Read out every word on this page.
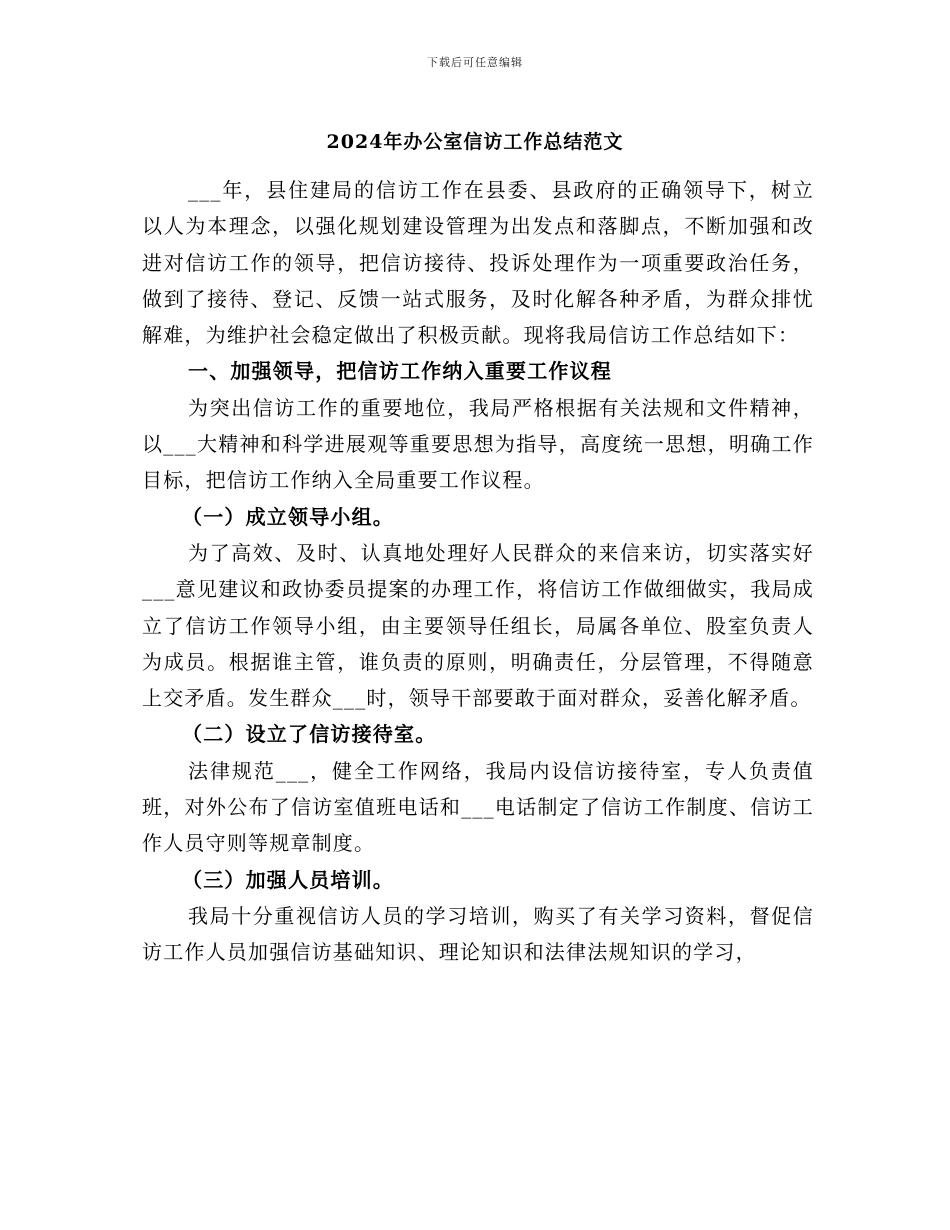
下载后可任意编辑
2024年办公室信访工作总结范文

___年，县住建局的信访工作在县委、县政府的正确领导下，树立以人为本理念，以强化规划建设管理为出发点和落脚点，不断加强和改进对信访工作的领导，把信访接待、投诉处理作为一项重要政治任务，做到了接待、登记、反馈一站式服务，及时化解各种矛盾，为群众排忧解难，为维护社会稳定做出了积极贡献。现将我局信访工作总结如下：

一、加强领导，把信访工作纳入重要工作议程

为突出信访工作的重要地位，我局严格根据有关法规和文件精神，以___大精神和科学进展观等重要思想为指导，高度统一思想，明确工作目标，把信访工作纳入全局重要工作议程。

（一）成立领导小组。

为了高效、及时、认真地处理好人民群众的来信来访，切实落实好___意见建议和政协委员提案的办理工作，将信访工作做细做实，我局成立了信访工作领导小组，由主要领导任组长，局属各单位、股室负责人为成员。根据谁主管，谁负责的原则，明确责任，分层管理，不得随意上交矛盾。发生群众___时，领导干部要敢于面对群众，妥善化解矛盾。

（二）设立了信访接待室。

法律规范___，健全工作网络，我局内设信访接待室，专人负责值班，对外公布了信访室值班电话和___电话制定了信访工作制度、信访工作人员守则等规章制度。

（三）加强人员培训。

我局十分重视信访人员的学习培训，购买了有关学习资料，督促信访工作人员加强信访基础知识、理论知识和法律法规知识的学习，
